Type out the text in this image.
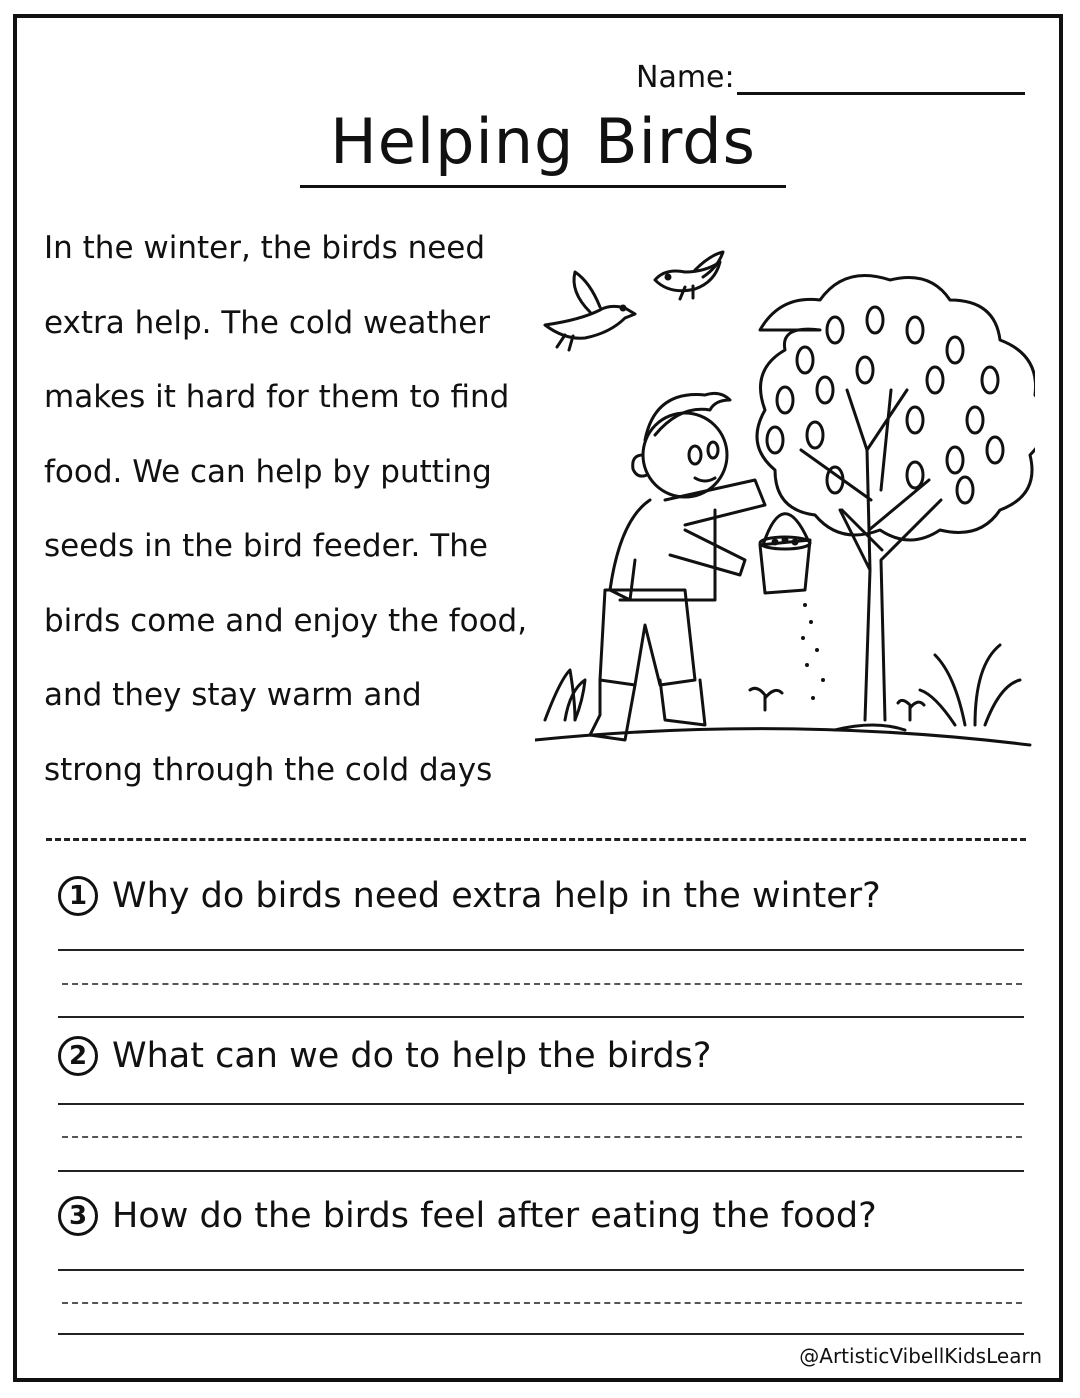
Name:
Helping Birds
In the winter, the birds need
extra help. The cold weather
makes it hard for them to find
food. We can help by putting
seeds in the bird feeder. The
birds come and enjoy the food,
and they stay warm and
strong through the cold days
1 Why do birds need extra help in the winter?
2 What can we do to help the birds?
3 How do the birds feel after eating the food?
@ArtisticVibellKidsLearn
